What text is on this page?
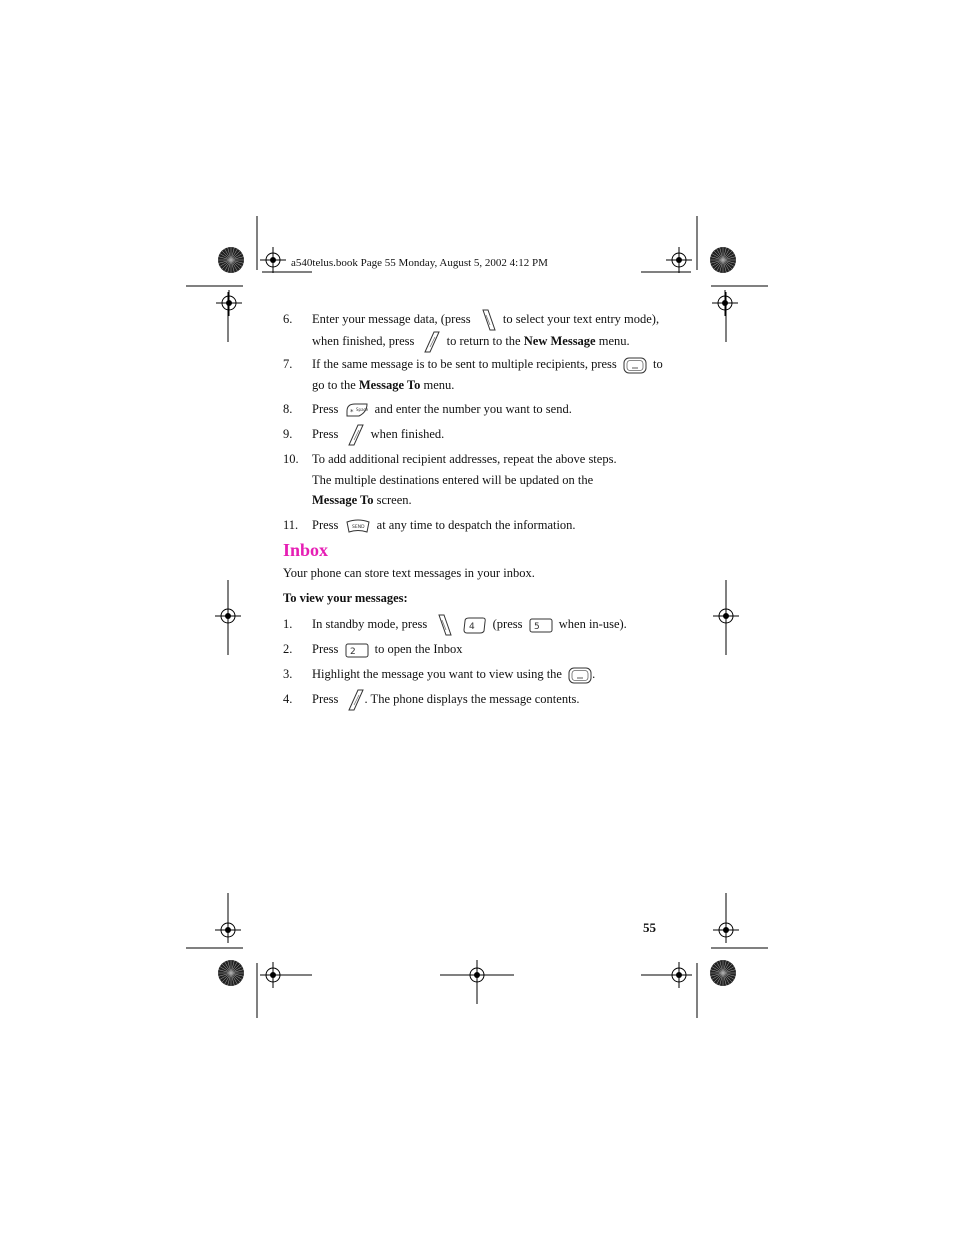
a540telus.book Page 55 Monday, August 5, 2002 4:12 PM
6. Enter your message data, (press	to select your text entry mode), when finished, press	to return to the New Message menu.
7. If the same message is to be sent to multiple recipients, press	to go to the Message To menu.
8. Press * Space and enter the number you want to send.
9. Press	when finished.
10. To add additional recipient addresses, repeat the above steps. The multiple destinations entered will be updated on the Message To screen.
11. Press	SEND at any time to despatch the information.
Inbox
Your phone can store text messages in your inbox.
To view your messages:
1. In standby mode, press
	4 (press 5 when in-use).
2. Press 2 to open the Inbox
3. Highlight the message you want to view using the .
4. Press . The phone displays the message contents.
55
